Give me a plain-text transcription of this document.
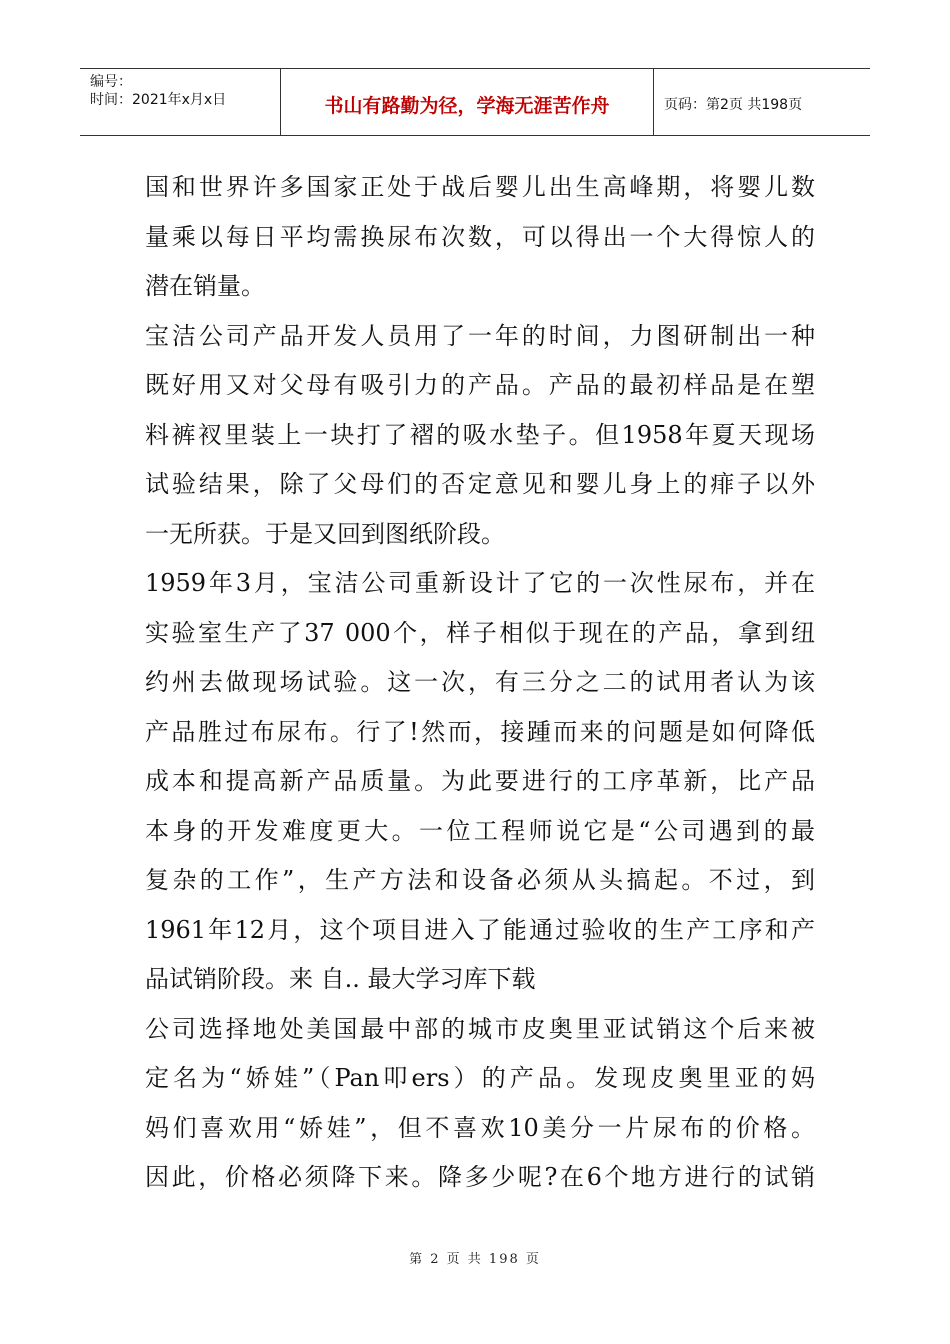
编号：
时间：2021年x月x日	书山有路勤为径，学海无涯苦作舟	页码：第2页 共198页
国和世界许多国家正处于战后婴儿出生高峰期，将婴儿数
量乘以每日平均需换尿布次数，可以得出一个大得惊人的
潜在销量。
宝洁公司产品开发人员用了一年的时间，力图研制出一种
既好用又对父母有吸引力的产品。产品的最初样品是在塑
料裤衩里装上一块打了褶的吸水垫子。但1958年夏天现场
试验结果，除了父母们的否定意见和婴儿身上的痱子以外
一无所获。于是又回到图纸阶段。
1959年3月，宝洁公司重新设计了它的一次性尿布，并在
实验室生产了37 000个，样子相似于现在的产品，拿到纽
约州去做现场试验。这一次，有三分之二的试用者认为该
产品胜过布尿布。行了!然而，接踵而来的问题是如何降低
成本和提高新产品质量。为此要进行的工序革新，比产品
本身的开发难度更大。一位工程师说它是“公司遇到的最
复杂的工作”，生产方法和设备必须从头搞起。不过，到
1961年12月，这个项目进入了能通过验收的生产工序和产
品试销阶段。来 自.. 最大学习库下载
公司选择地处美国最中部的城市皮奥里亚试销这个后来被
定名为“娇娃”（Pan叩ers）的产品。发现皮奥里亚的妈
妈们喜欢用“娇娃”，但不喜欢10美分一片尿布的价格。
因此，价格必须降下来。降多少呢?在6个地方进行的试销
第 2 页 共 198 页
